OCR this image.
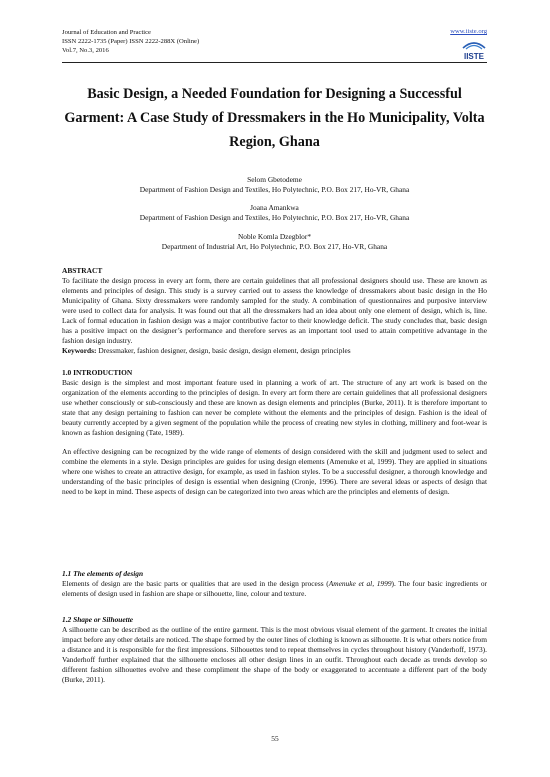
Journal of Education and Practice
ISSN 2222-1735 (Paper) ISSN 2222-288X (Online)
Vol.7, No.3, 2016
www.iiste.org
IISTE
Basic Design, a Needed Foundation for Designing a Successful Garment: A Case Study of Dressmakers in the Ho Municipality, Volta Region, Ghana
Selom Gbetodeme
Department of Fashion Design and Textiles, Ho Polytechnic, P.O. Box 217, Ho-VR, Ghana
Joana Amankwa
Department of Fashion Design and Textiles, Ho Polytechnic, P.O. Box 217, Ho-VR, Ghana
Noble Komla Dzegblor*
Department of Industrial Art, Ho Polytechnic, P.O. Box 217, Ho-VR, Ghana
ABSTRACT
To facilitate the design process in every art form, there are certain guidelines that all professional designers should use. These are known as elements and principles of design. This study is a survey carried out to assess the knowledge of dressmakers about basic design in the Ho Municipality of Ghana. Sixty dressmakers were randomly sampled for the study. A combination of questionnaires and purposive interview were used to collect data for analysis. It was found out that all the dressmakers had an idea about only one element of design, which is, line. Lack of formal education in fashion design was a major contributive factor to their knowledge deficit. The study concludes that, basic design has a positive impact on the designer’s performance and therefore serves as an important tool used to attain competitive advantage in the fashion design industry.
Keywords: Dressmaker, fashion designer, design, basic design, design element, design principles
1.0 INTRODUCTION
Basic design is the simplest and most important feature used in planning a work of art. The structure of any art work is based on the organization of the elements according to the principles of design. In every art form there are certain guidelines that all professional designers use whether consciously or sub-consciously and these are known as design elements and principles (Burke, 2011). It is therefore important to state that any design pertaining to fashion can never be complete without the elements and the principles of design. Fashion is the ideal of beauty currently accepted by a given segment of the population while the process of creating new styles in clothing, millinery and foot-wear is known as fashion designing (Tate, 1989).
An effective designing can be recognized by the wide range of elements of design considered with the skill and judgment used to select and combine the elements in a style. Design principles are guides for using design elements (Amenuke et al, 1999). They are applied in situations where one wishes to create an attractive design, for example, as used in fashion styles. To be a successful designer, a thorough knowledge and understanding of the basic principles of design is essential when designing (Cronje, 1996). There are several ideas or aspects of design that need to be kept in mind. These aspects of design can be categorized into two areas which are the principles and elements of design.
1.1 The elements of design
Elements of design are the basic parts or qualities that are used in the design process (Amenuke et al, 1999). The four basic ingredients or elements of design used in fashion are shape or silhouette, line, colour and texture.
1.2 Shape or Silhouette
A silhouette can be described as the outline of the entire garment. This is the most obvious visual element of the garment. It creates the initial impact before any other details are noticed. The shape formed by the outer lines of clothing is known as silhouette. It is what others notice from a distance and it is responsible for the first impressions. Silhouettes tend to repeat themselves in cycles throughout history (Vanderhoff, 1973). Vanderhoff further explained that the silhouette encloses all other design lines in an outfit. Throughout each decade as trends develop so different fashion silhouettes evolve and these compliment the shape of the body or exaggerated to accentuate a different part of the body (Burke, 2011).
55
